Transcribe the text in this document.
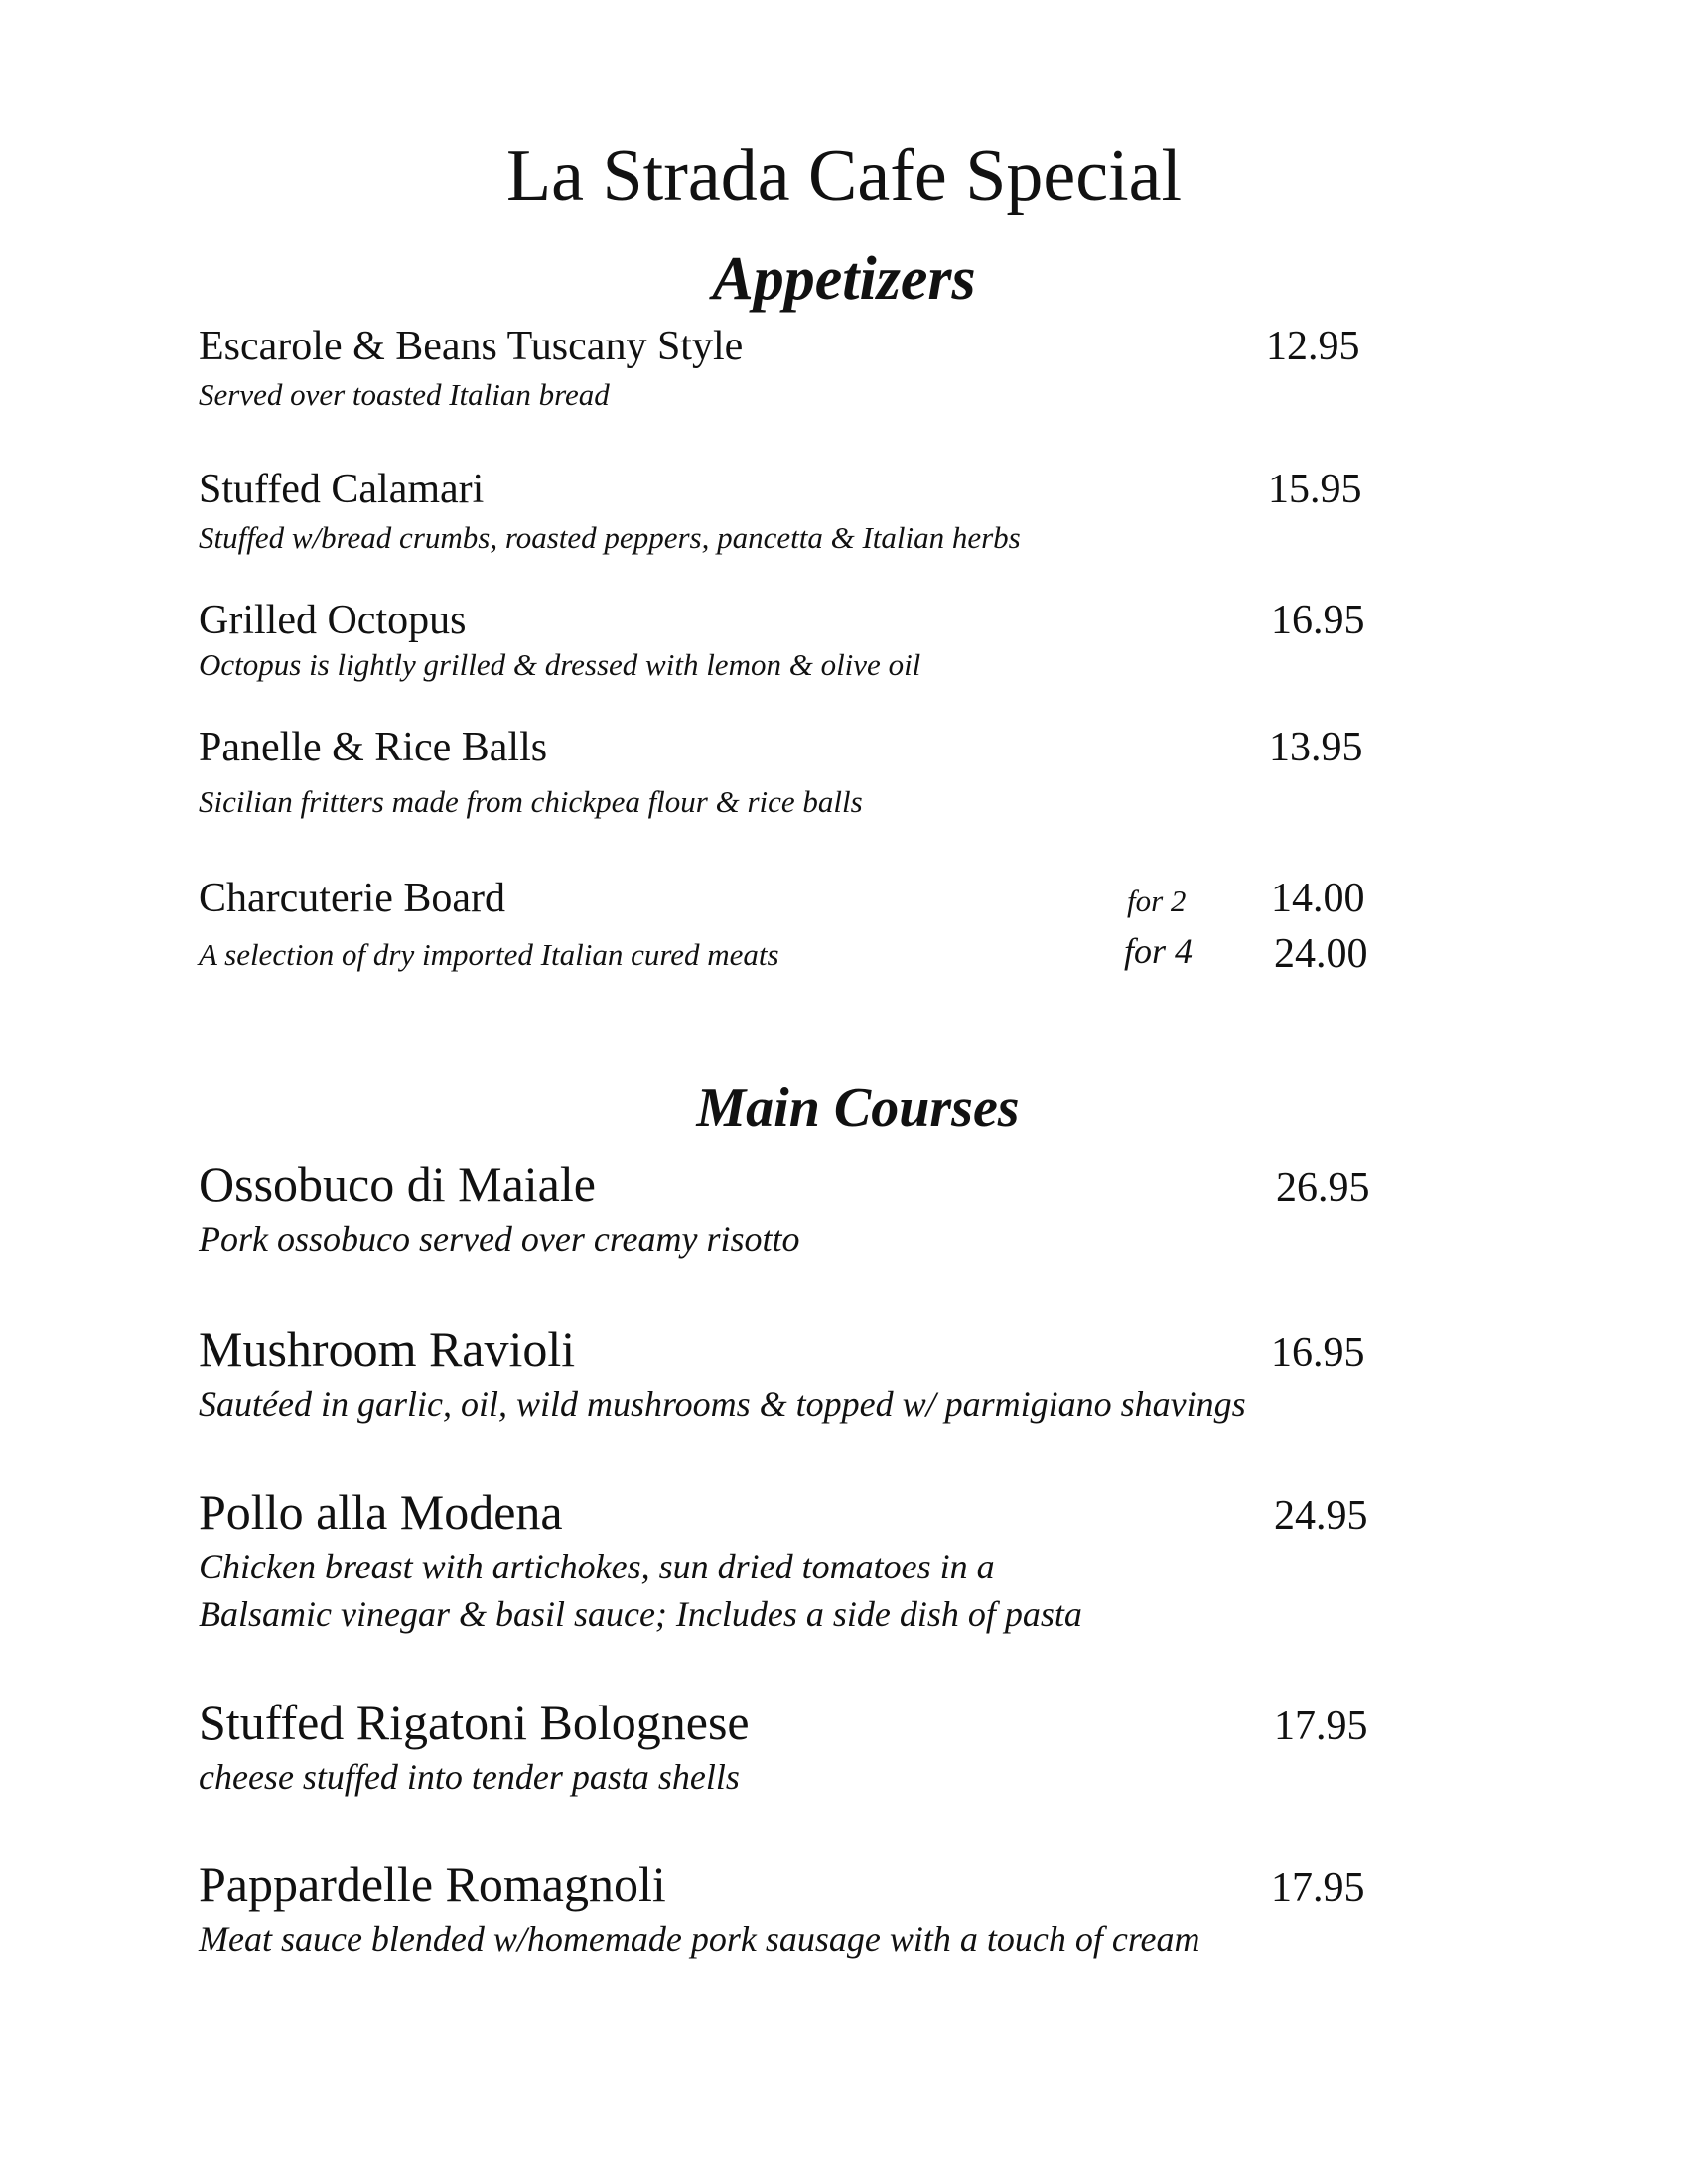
La Strada Cafe Special
Appetizers
Escarole & Beans Tuscany Style
Served over toasted Italian bread
12.95
Stuffed Calamari
Stuffed w/bread crumbs, roasted peppers, pancetta & Italian herbs
15.95
Grilled Octopus
Octopus is lightly grilled & dressed with lemon & olive oil
16.95
Panelle & Rice Balls
Sicilian fritters made from chickpea flour & rice balls
13.95
Charcuterie Board
A selection of dry imported Italian cured meats
for 2 14.00
for 4 24.00
Main Courses
Ossobuco di Maiale
Pork ossobuco served over creamy risotto
26.95
Mushroom Ravioli
Sautéed in garlic, oil, wild mushrooms & topped w/ parmigiano shavings
16.95
Pollo alla Modena
Chicken breast with artichokes, sun dried tomatoes in a
Balsamic vinegar & basil sauce; Includes a side dish of pasta
24.95
Stuffed Rigatoni Bolognese
cheese stuffed into tender pasta shells
17.95
Pappardelle Romagnoli
Meat sauce blended w/homemade pork sausage with a touch of cream
17.95
